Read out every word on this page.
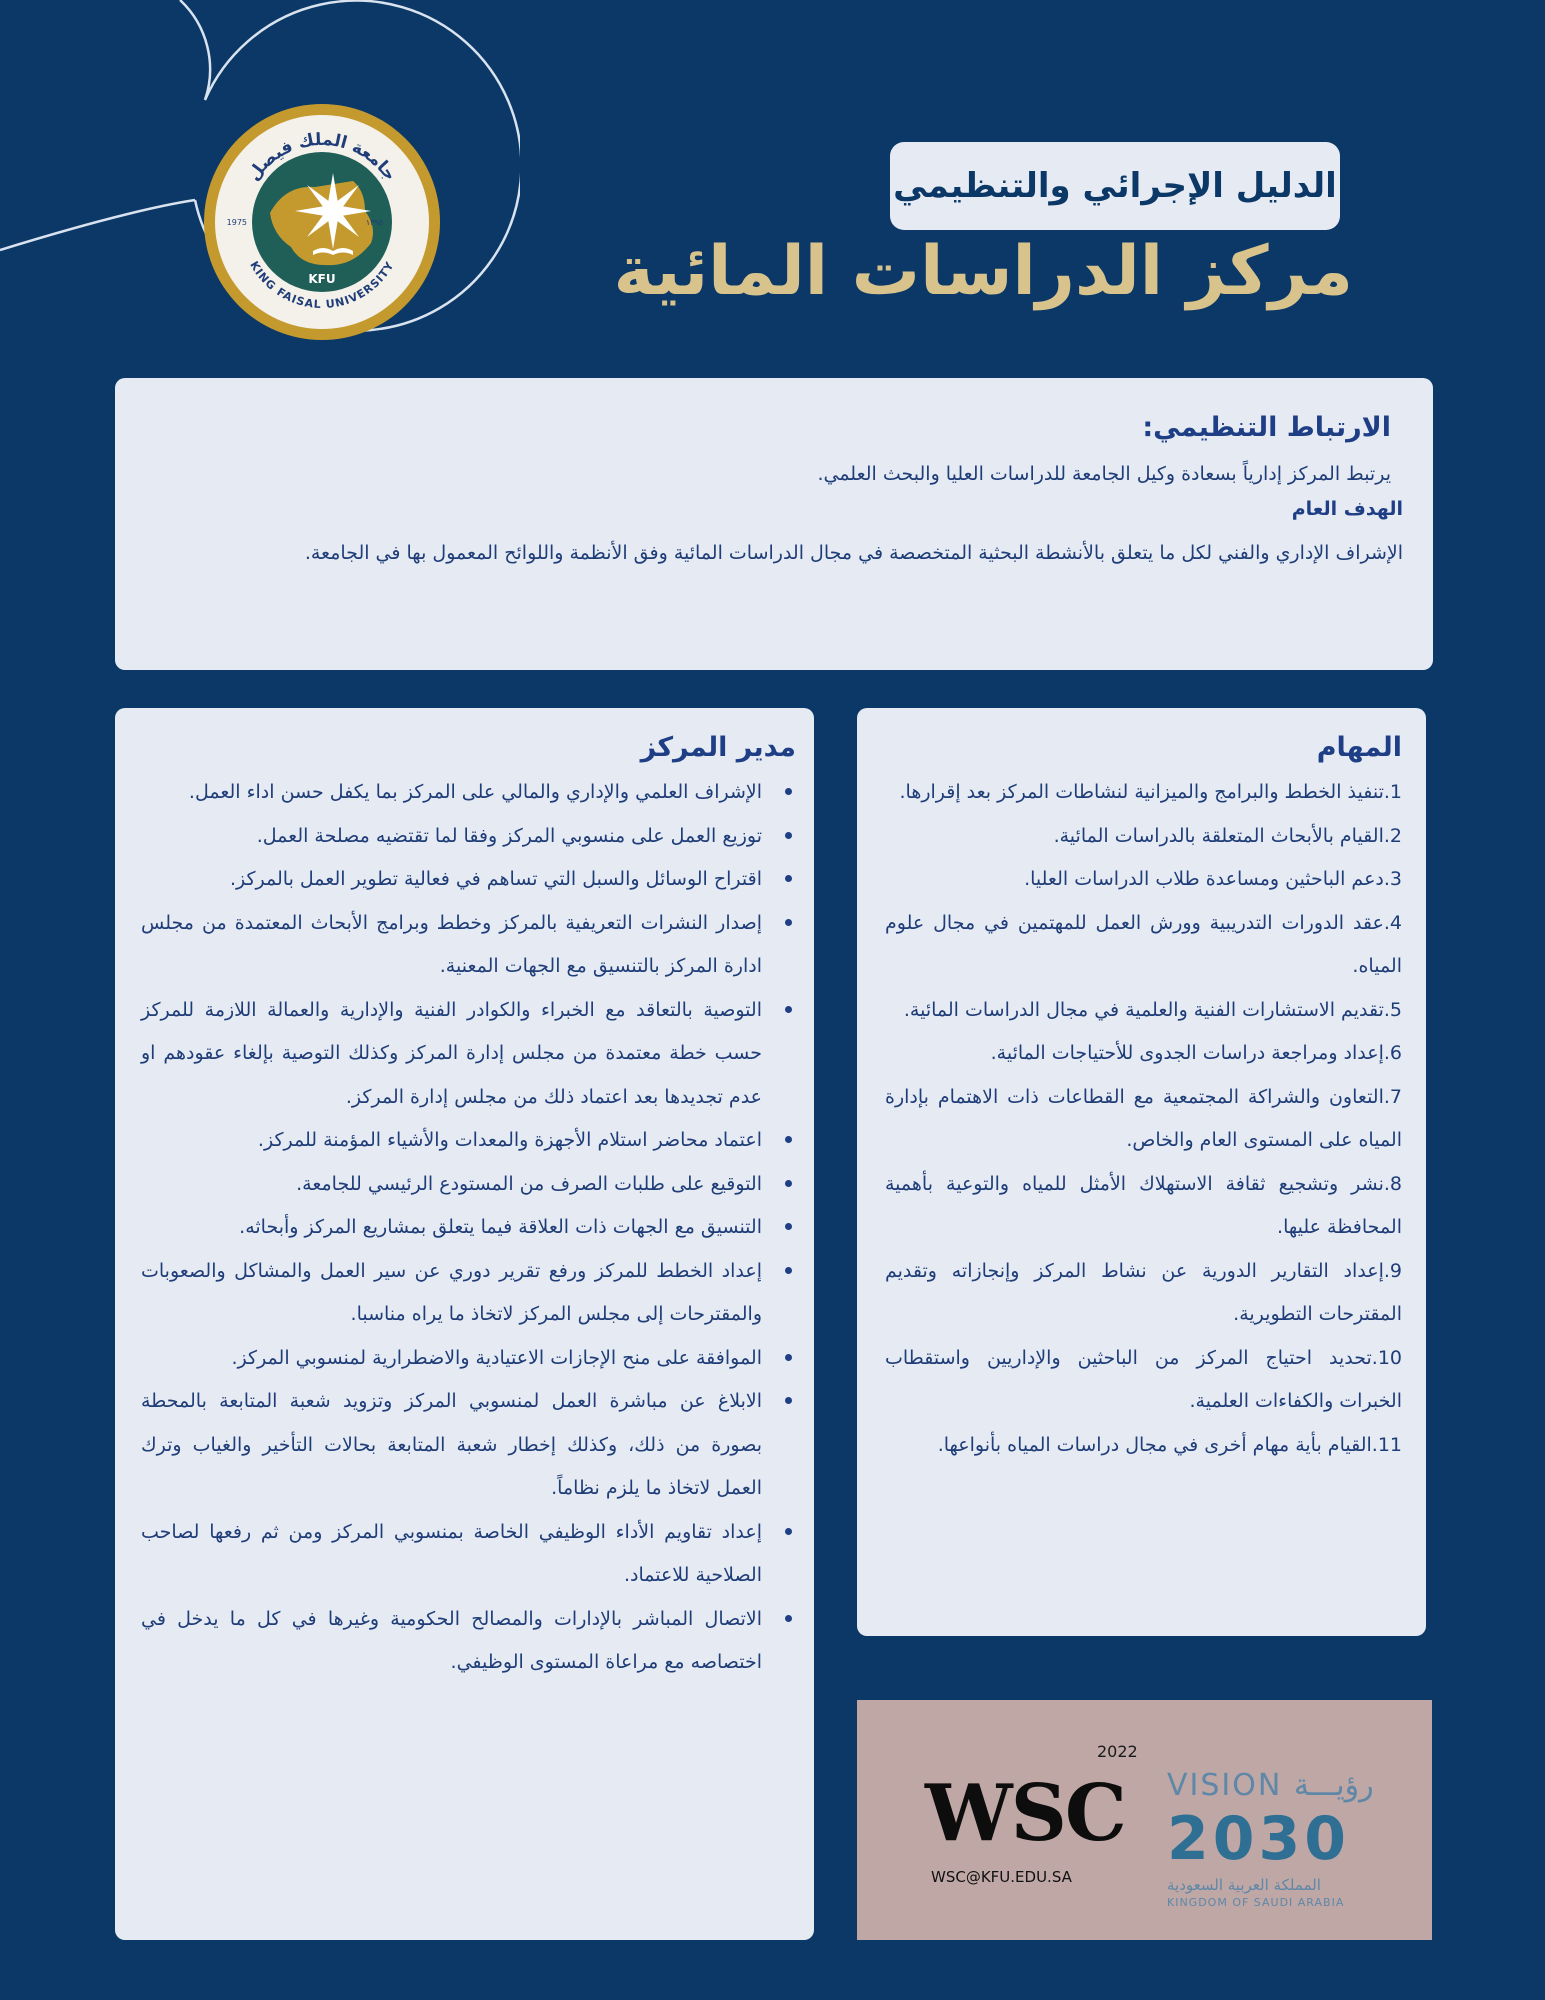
KFU
1975	١٣٩٥
جامعة الملك فيصل
KING FAISAL UNIVERSITY
الدليل الإجرائي والتنظيمي
مركز الدراسات المائية
الارتباط التنظيمي:

يرتبط المركز إدارياً بسعادة وكيل الجامعة للدراسات العليا والبحث العلمي.

الهدف العام

الإشراف الإداري والفني لكل ما يتعلق بالأنشطة البحثية المتخصصة في مجال الدراسات المائية وفق الأنظمة واللوائح المعمول بها في الجامعة.

المهام
1.تنفيذ الخطط والبرامج والميزانية لنشاطات المركز بعد إقرارها.
2.القيام بالأبحاث المتعلقة بالدراسات المائية.
3.دعم الباحثين ومساعدة طلاب الدراسات العليا.
4.عقد الدورات التدريبية وورش العمل للمهتمين في مجال علوم المياه.
5.تقديم الاستشارات الفنية والعلمية في مجال الدراسات المائية.
6.إعداد ومراجعة دراسات الجدوى للأحتياجات المائية.
7.التعاون والشراكة المجتمعية مع القطاعات ذات الاهتمام بإدارة المياه على المستوى العام والخاص.
8.نشر وتشجيع ثقافة الاستهلاك الأمثل للمياه والتوعية بأهمية المحافظة عليها.
9.إعداد التقارير الدورية عن نشاط المركز وإنجازاته وتقديم المقترحات التطويرية.
10.تحديد احتياج المركز من الباحثين والإداريين واستقطاب الخبرات والكفاءات العلمية.
11.القيام بأية مهام أخرى في مجال دراسات المياه بأنواعها.
مدير المركز
الإشراف العلمي والإداري والمالي على المركز بما يكفل حسن اداء العمل.
توزيع العمل على منسوبي المركز وفقا لما تقتضيه مصلحة العمل.
اقتراح الوسائل والسبل التي تساهم في فعالية تطوير العمل بالمركز.
إصدار النشرات التعريفية بالمركز وخطط وبرامج الأبحاث المعتمدة من مجلس ادارة المركز بالتنسيق مع الجهات المعنية.
التوصية بالتعاقد مع الخبراء والكوادر الفنية والإدارية والعمالة اللازمة للمركز حسب خطة معتمدة من مجلس إدارة المركز وكذلك التوصية بإلغاء عقودهم او عدم تجديدها بعد اعتماد ذلك من مجلس إدارة المركز.
اعتماد محاضر استلام الأجهزة والمعدات والأشياء المؤمنة للمركز.
التوقيع على طلبات الصرف من المستودع الرئيسي للجامعة.
التنسيق مع الجهات ذات العلاقة فيما يتعلق بمشاريع المركز وأبحاثه.
إعداد الخطط للمركز ورفع تقرير دوري عن سير العمل والمشاكل والصعوبات والمقترحات إلى مجلس المركز لاتخاذ ما يراه مناسبا.
الموافقة على منح الإجازات الاعتيادية والاضطرارية لمنسوبي المركز.
الابلاغ عن مباشرة العمل لمنسوبي المركز وتزويد شعبة المتابعة بالمحطة بصورة من ذلك، وكذلك إخطار شعبة المتابعة بحالات التأخير والغياب وترك العمل لاتخاذ ما يلزم نظاماً.
إعداد تقاويم الأداء الوظيفي الخاصة بمنسوبي المركز ومن ثم رفعها لصاحب الصلاحية للاعتماد.
الاتصال المباشر بالإدارات والمصالح الحكومية وغيرها في كل ما يدخل في اختصاصه مع مراعاة المستوى الوظيفي.
2022
WSC
WSC@KFU.EDU.SA
VISION رؤيـــة
2030
المملكة العربية السعودية
KINGDOM OF SAUDI ARABIA
